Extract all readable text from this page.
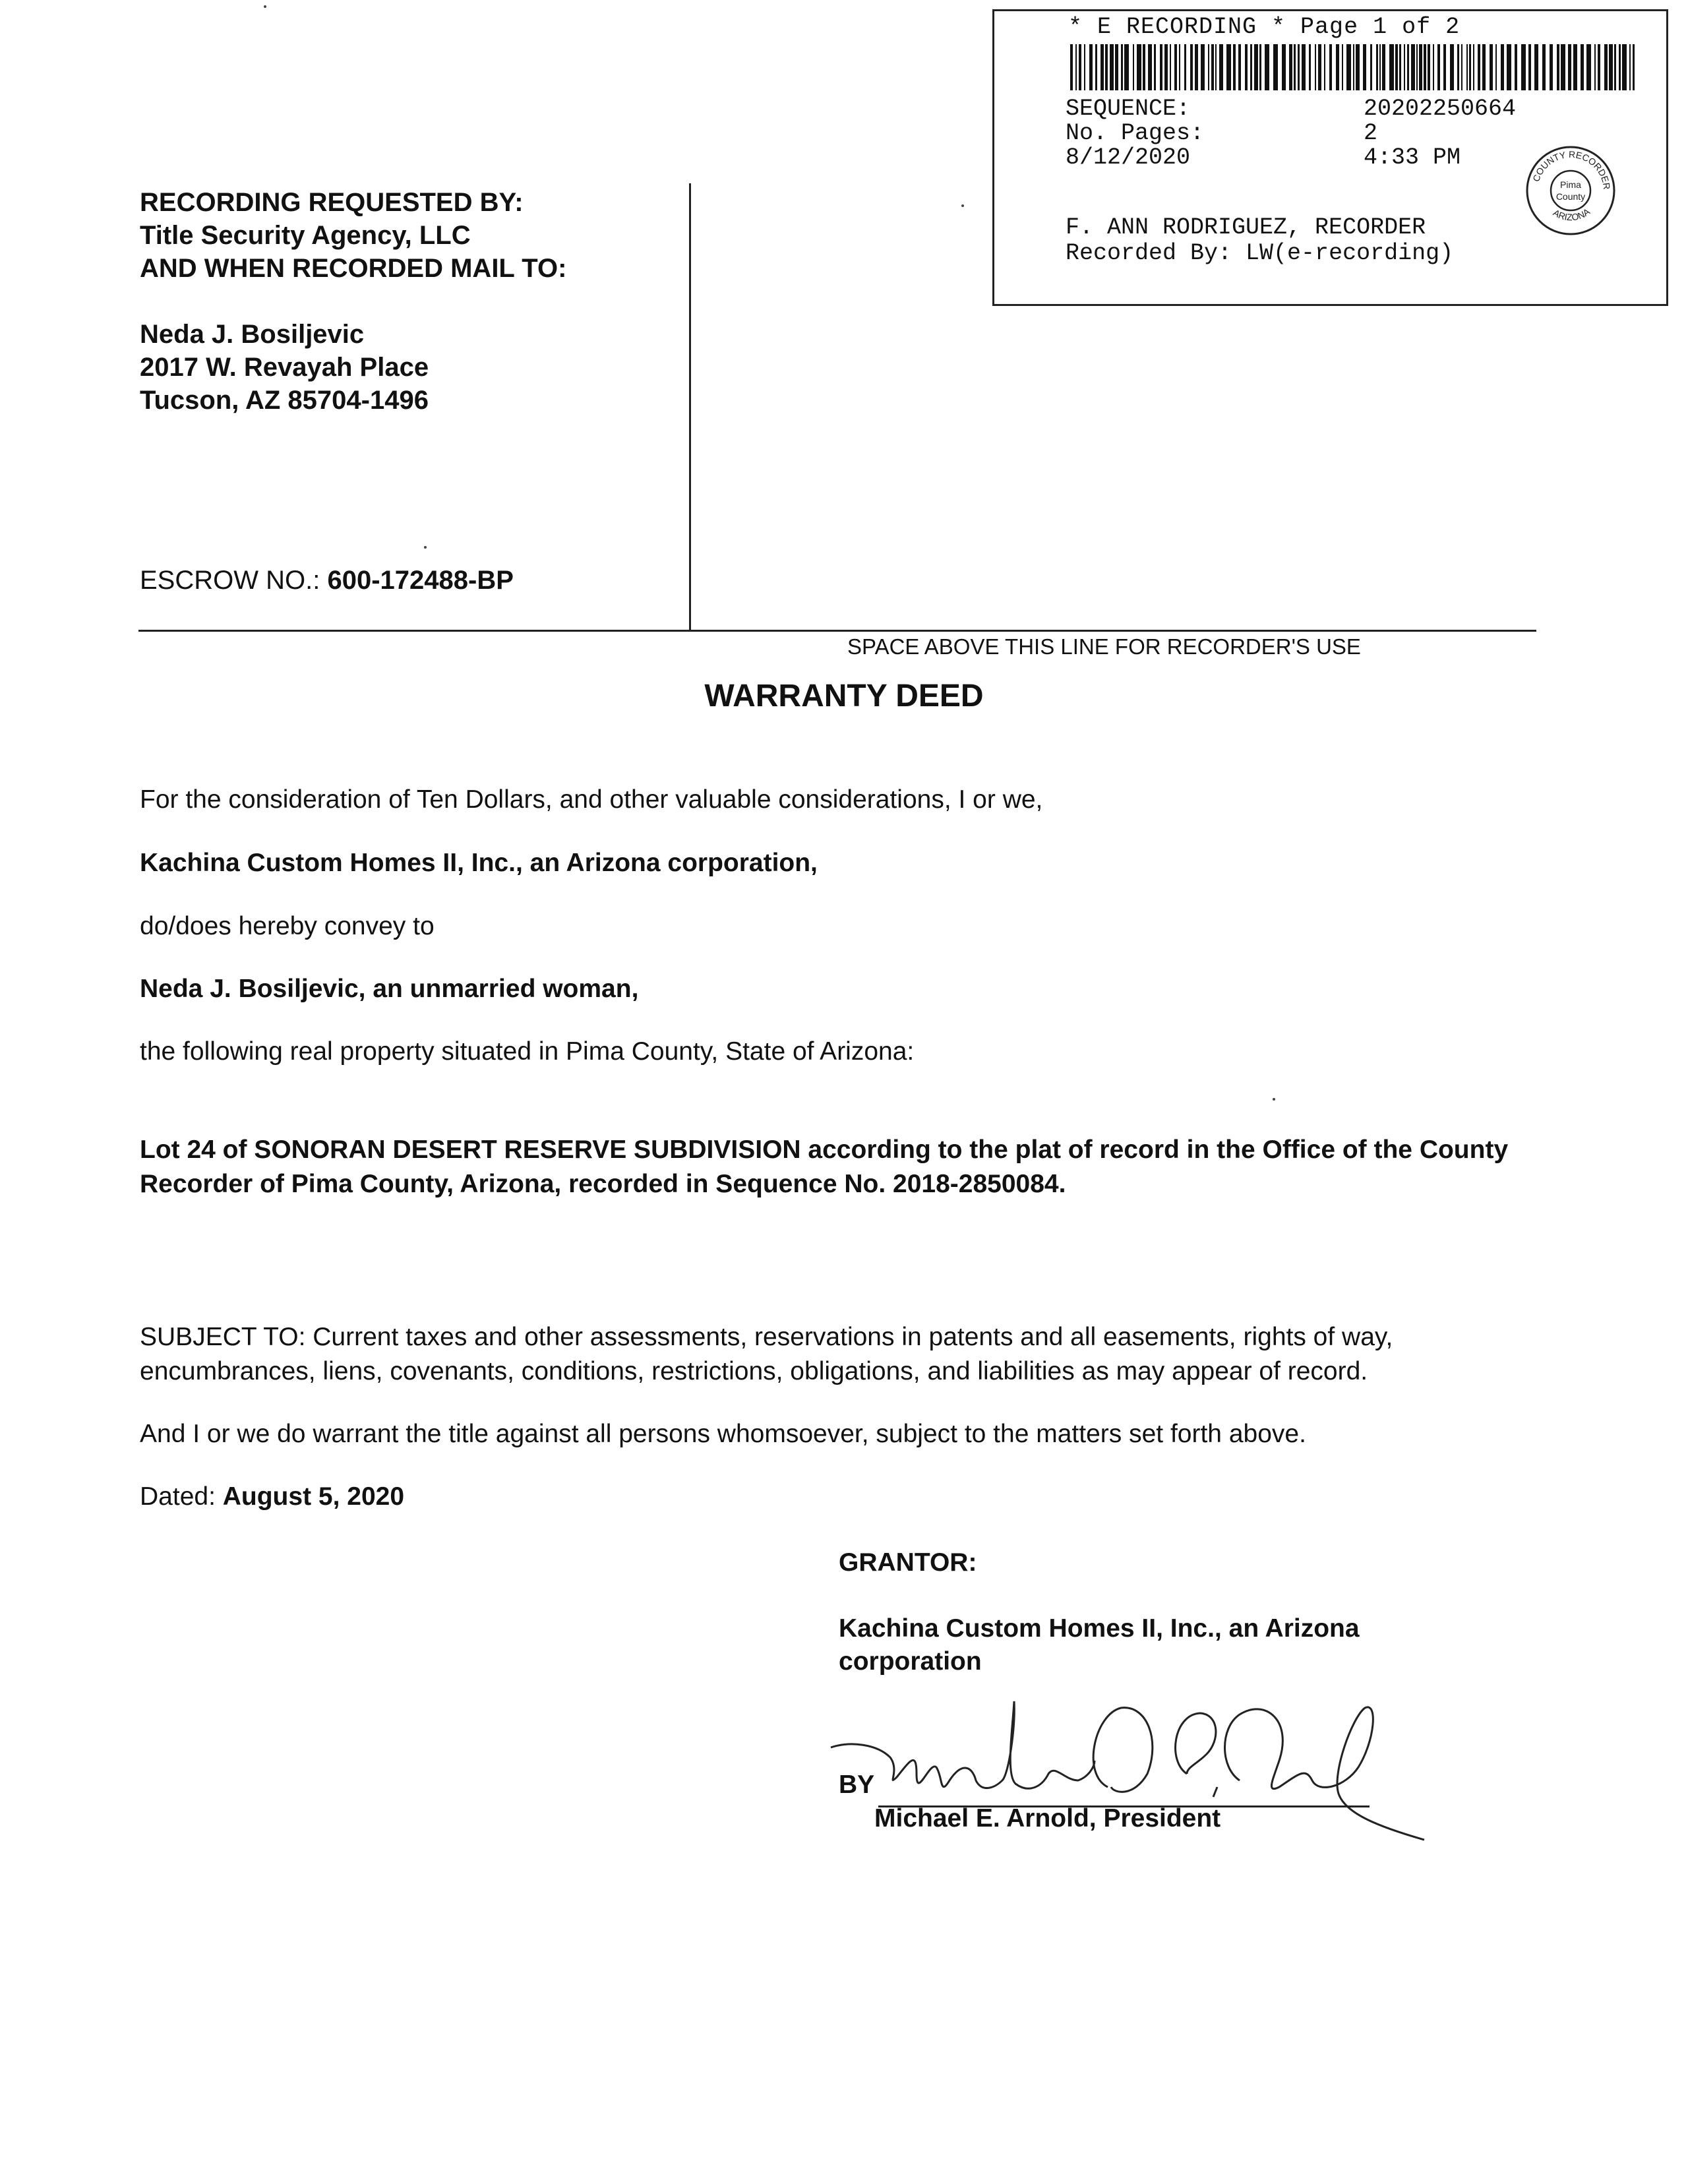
* E RECORDING * Page 1 of 2
SEQUENCE:	20202250664
No. Pages:	2
8/12/2020	4:33 PM
F. ANN RODRIGUEZ, RECORDER
Recorded By: LW(e-recording)
Pima
County
COUNTY RECORDER
ARIZONA
RECORDING REQUESTED BY:
Title Security Agency, LLC
AND WHEN RECORDED MAIL TO:
Neda J. Bosiljevic
2017 W. Revayah Place
Tucson, AZ 85704-1496
ESCROW NO.: 600-172488-BP
SPACE ABOVE THIS LINE FOR RECORDER'S USE
WARRANTY DEED
For the consideration of Ten Dollars, and other valuable considerations, I or we,
Kachina Custom Homes II, Inc., an Arizona corporation,
do/does hereby convey to
Neda J. Bosiljevic, an unmarried woman,
the following real property situated in Pima County, State of Arizona:
Lot 24 of SONORAN DESERT RESERVE SUBDIVISION according to the plat of record in the Office of the County Recorder of Pima County, Arizona, recorded in Sequence No. 2018-2850084.
SUBJECT TO: Current taxes and other assessments, reservations in patents and all easements, rights of way, encumbrances, liens, covenants, conditions, restrictions, obligations, and liabilities as may appear of record.
And I or we do warrant the title against all persons whomsoever, subject to the matters set forth above.
Dated: August 5, 2020
GRANTOR:
Kachina Custom Homes II, Inc., an Arizona
corporation
BY
Michael E. Arnold, President
